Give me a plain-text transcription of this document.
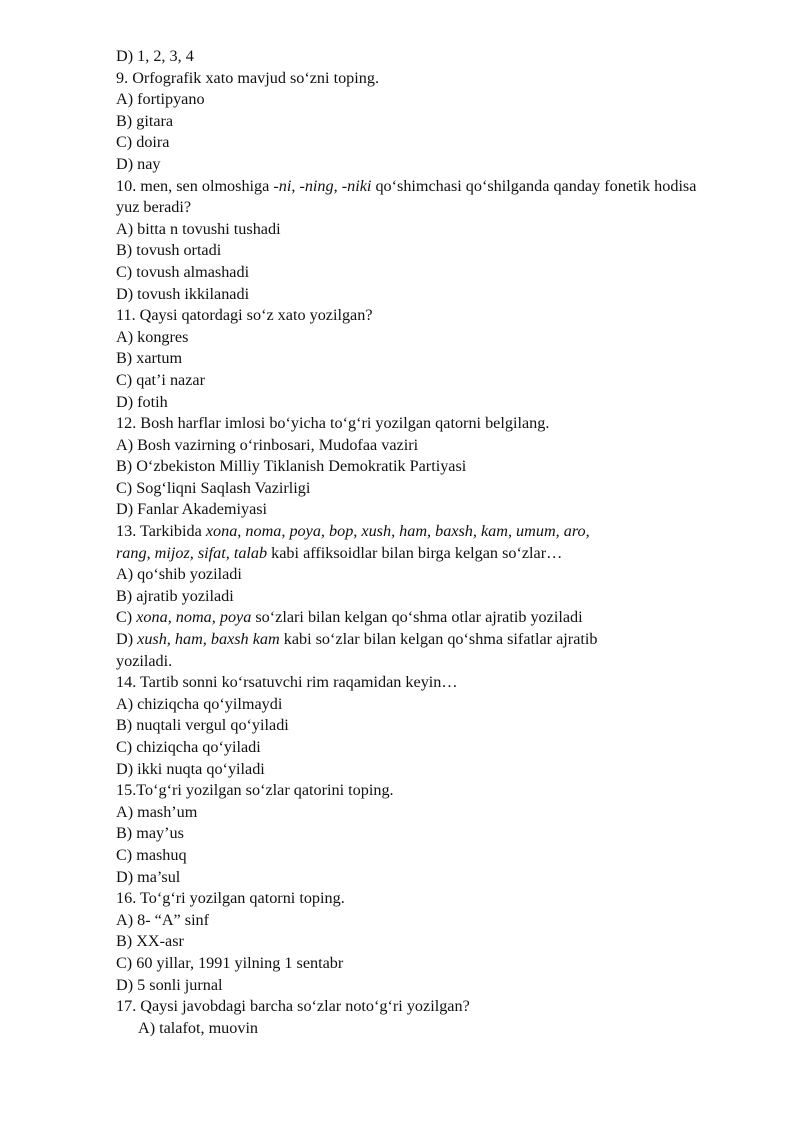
D) 1, 2, 3, 4
9. Orfografik xato mavjud so‘zni toping.
A) fortipyano
B) gitara
C) doira
D) nay
10. men, sen olmoshiga -ni, -ning, -niki qo‘shimchasi qo‘shilganda qanday fonetik hodisa yuz beradi?
A) bitta n tovushi tushadi
B) tovush ortadi
C) tovush almashadi
D) tovush ikkilanadi
11. Qaysi qatordagi so‘z xato yozilgan?
A) kongres
B) xartum
C) qat’i nazar
D) fotih
12. Bosh harflar imlosi bo‘yicha to‘g‘ri yozilgan qatorni belgilang.
A) Bosh vazirning o‘rinbosari, Mudofaa vaziri
B) O‘zbekiston Milliy Tiklanish Demokratik Partiyasi
C) Sog‘liqni Saqlash Vazirligi
D) Fanlar Akademiyasi
13. Tarkibida xona, noma, poya, bop, xush, ham, baxsh, kam, umum, aro,
rang, mijoz, sifat, talab kabi affiksoidlar bilan birga kelgan so‘zlar…
A) qo‘shib yoziladi
B) ajratib yoziladi
C) xona, noma, poya so‘zlari bilan kelgan qo‘shma otlar ajratib yoziladi
D) xush, ham, baxsh kam kabi so‘zlar bilan kelgan qo‘shma sifatlar ajratib
yoziladi.
14. Tartib sonni ko‘rsatuvchi rim raqamidan keyin…
A) chiziqcha qo‘yilmaydi
B) nuqtali vergul qo‘yiladi
C) chiziqcha qo‘yiladi
D) ikki nuqta qo‘yiladi
15.To‘g‘ri yozilgan so‘zlar qatorini toping.
A) mash’um
B) may’us
C) mashuq
D) ma’sul
16. To‘g‘ri yozilgan qatorni toping.
A) 8- “A” sinf
B) XX-asr
C) 60 yillar, 1991 yilning 1 sentabr
D) 5 sonli jurnal
17. Qaysi javobdagi barcha so‘zlar noto‘g‘ri yozilgan?
A) talafot, muovin
